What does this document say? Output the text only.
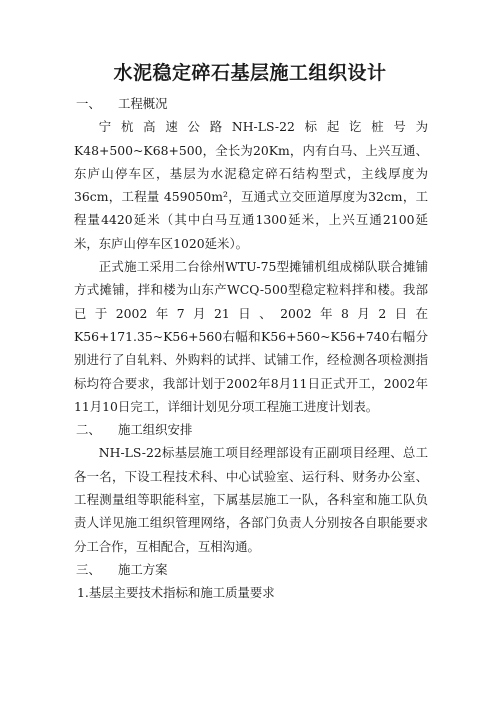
水泥稳定碎石基层施工组织设计
一、 工程概况

宁杭高速公路NH-LS-22标起讫桩号为K48+500~K68+500，全长为20Km，内有白马、上兴互通、东庐山停车区，基层为水泥稳定碎石结构型式，主线厚度为36cm，工程量 459050m²，互通式立交匝道厚度为32cm，工程量4420延米（其中白马互通1300延米，上兴互通2100延米，东庐山停车区1020延米）。

正式施工采用二台徐州WTU-75型摊铺机组成梯队联合摊铺方式摊铺，拌和楼为山东产WCQ-500型稳定粒料拌和楼。我部已于2002年7月21日、2002年8月2日在K56+171.35~K56+560右幅和K56+560~K56+740右幅分别进行了自轧料、外购料的试拌、试铺工作，经检测各项检测指标均符合要求，我部计划于2002年8月11日正式开工，2002年11月10日完工，详细计划见分项工程施工进度计划表。

二、 施工组织安排

NH-LS-22标基层施工项目经理部设有正副项目经理、总工各一名，下设工程技术科、中心试验室、运行科、财务办公室、工程测量组等职能科室，下属基层施工一队，各科室和施工队负责人详见施工组织管理网络，各部门负责人分别按各自职能要求分工合作，互相配合，互相沟通。

三、 施工方案
1.基层主要技术指标和施工质量要求
